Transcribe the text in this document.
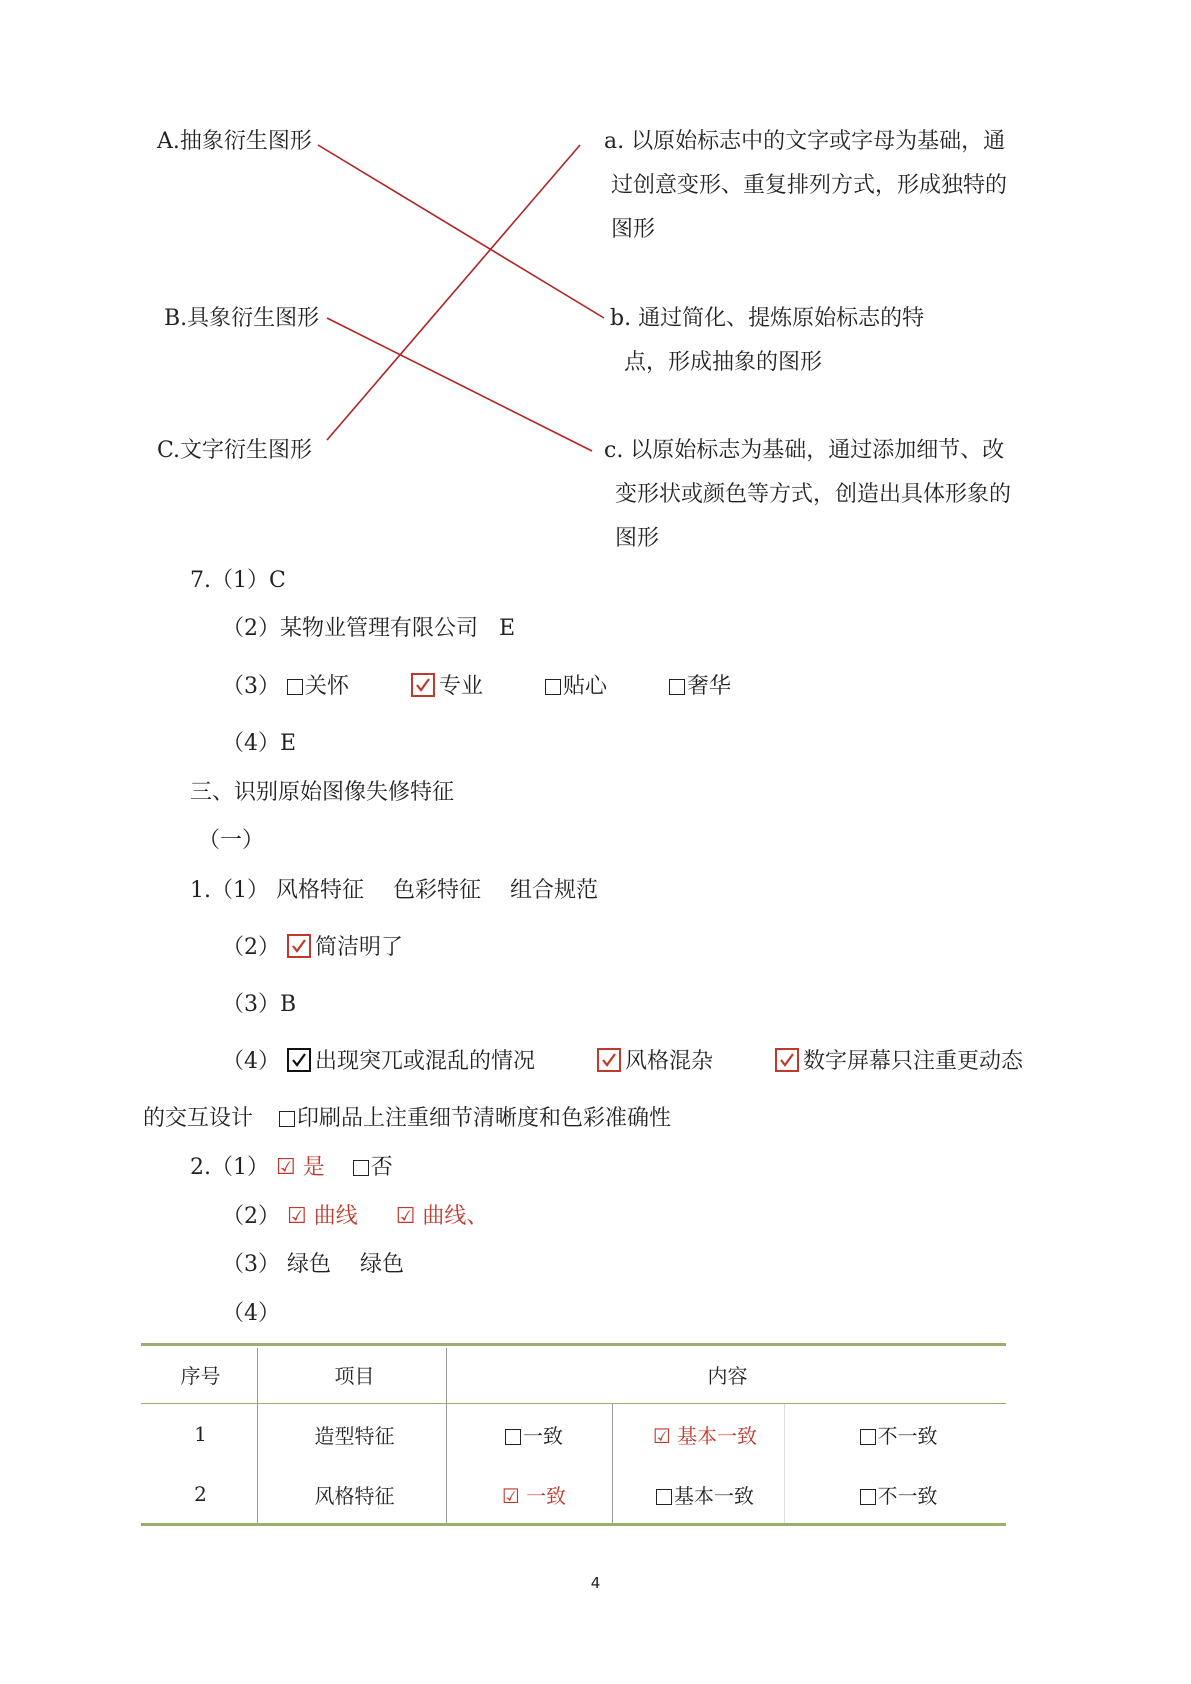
A.抽象衍生图形
B.具象衍生图形
C.文字衍生图形
a. 以原始标志中的文字或字母为基础，通
过创意变形、重复排列方式，形成独特的
图形
b. 通过简化、提炼原始标志的特
点，形成抽象的图形
c. 以原始标志为基础，通过添加细节、改
变形状或颜色等方式，创造出具体形象的
图形
7.（1）C
（2）某物业管理有限公司 E
（3） 关怀	专业	贴心	奢华
（4）E
三、识别原始图像失修特征
（一）
1.（1） 风格特征 色彩特征 组合规范
（2） 简洁明了
（3）B
（4） 出现突兀或混乱的情况	风格混杂	数字屏幕只注重更动态
的交互设计 印刷品上注重细节清晰度和色彩准确性
2.（1） ☑ 是 否
（2） ☑ 曲线 ☑ 曲线、
（3） 绿色 绿色
（4）
序号	项目	内容		
1	造型特征	一致	☑ 基本一致	不一致
2	风格特征	☑ 一致	基本一致	不一致
4
